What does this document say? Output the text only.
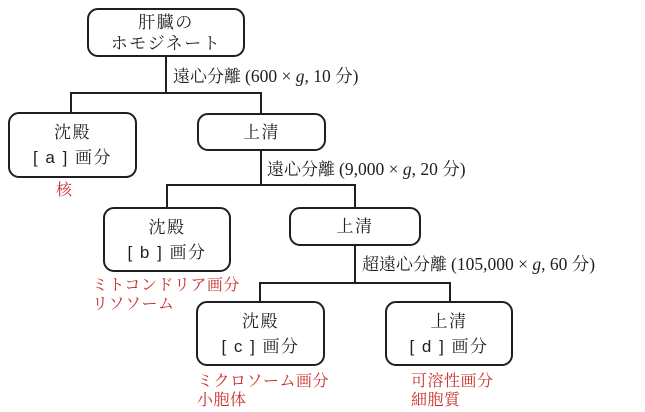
肝臓の
ホモジネート
沈殿
[ a ] 画分
上清
沈殿
[ b ] 画分
上清
沈殿
[ c ] 画分
上清
[ d ] 画分
遠心分離 (600 × g, 10 分)
遠心分離 (9,000 × g, 20 分)
超遠心分離 (105,000 × g, 60 分)
核
ミトコンドリア画分
リソソーム
ミクロソーム画分
小胞体
可溶性画分
細胞質
